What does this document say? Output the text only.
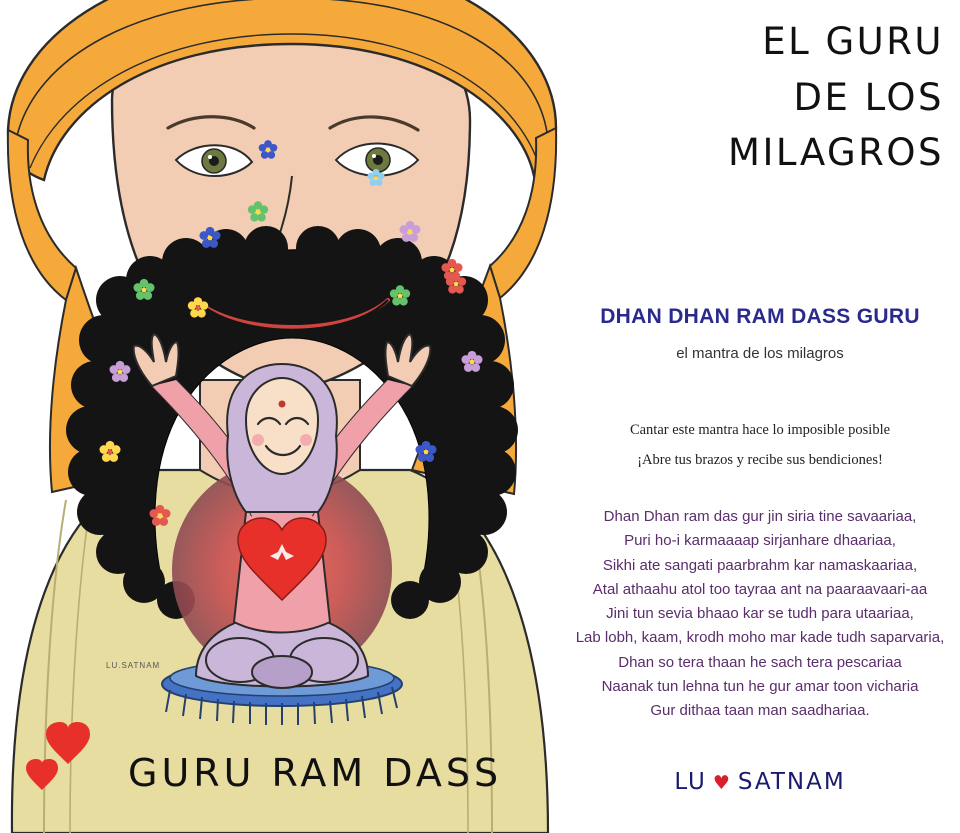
LU.SATNAM
GURU RAM DASS
EL GURU
DE LOS
MILAGROS
DHAN DHAN RAM DASS GURU
el mantra de los milagros
Cantar este mantra hace lo imposible posible
¡Abre tus brazos y recibe sus bendiciones!
Dhan Dhan ram das gur jin siria tine savaariaa,
Puri ho-i karmaaaap sirjanhare dhaariaa,
Sikhi ate sangati paarbrahm kar namaskaariaa,
Atal athaahu atol too tayraa ant na paaraavaari-aa
Jini tun sevia bhaao kar se tudh para utaariaa,
Lab lobh, kaam, krodh moho mar kade tudh saparvaria,
Dhan so tera thaan he sach tera pescariaa
Naanak tun lehna tun he gur amar toon vicharia
Gur dithaa taan man saadhariaa.
LU ♥ SATNAM
